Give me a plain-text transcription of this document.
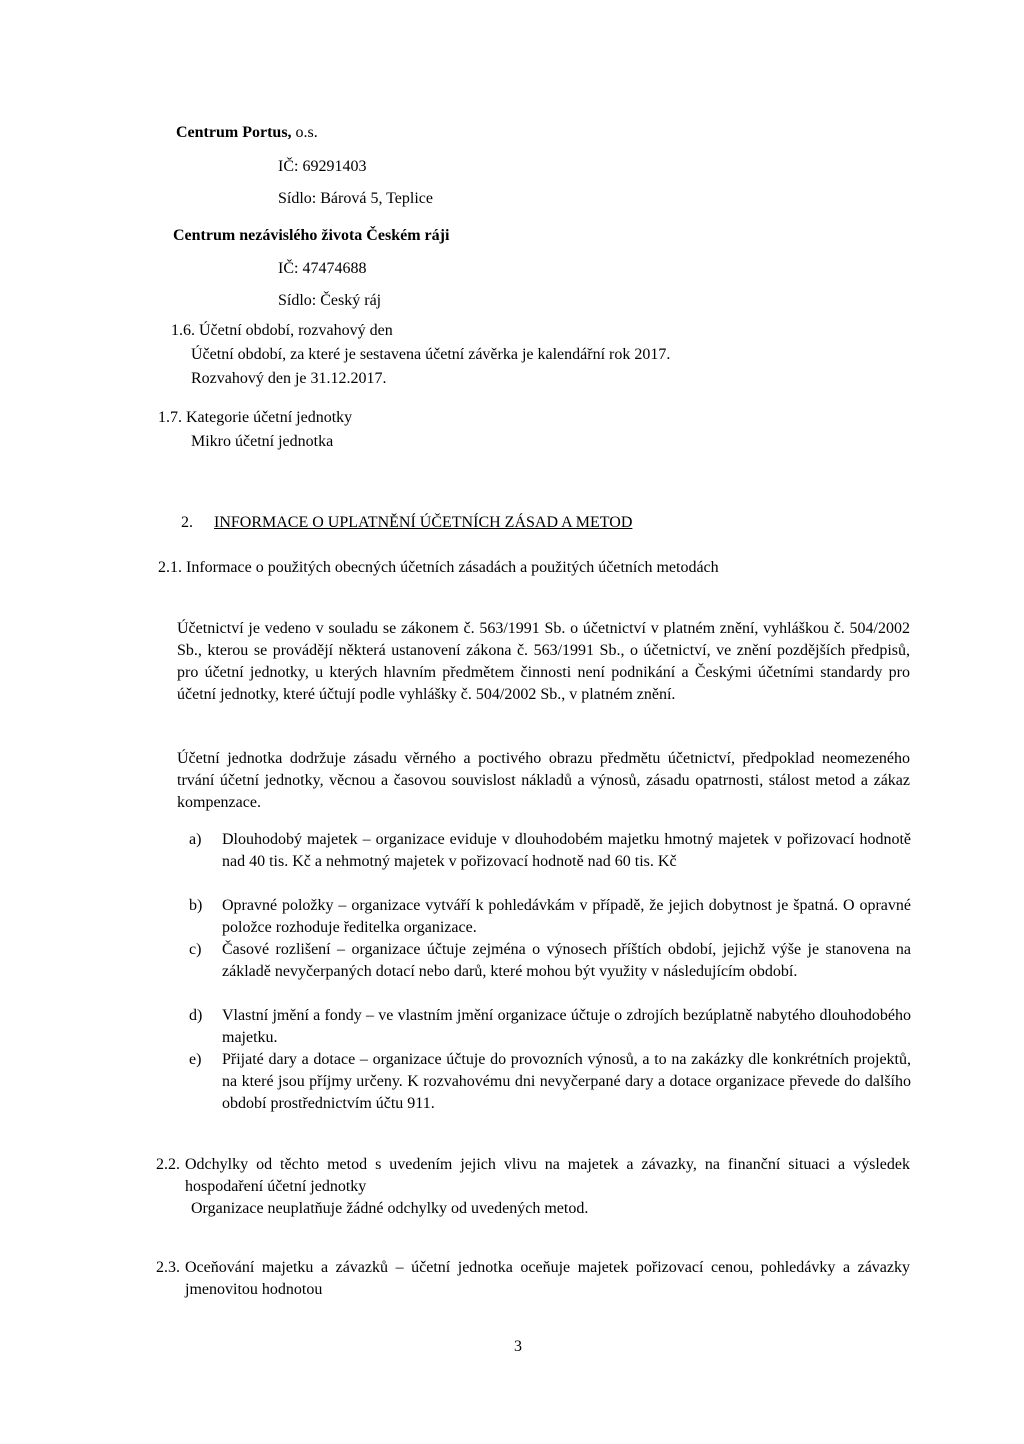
Centrum Portus, o.s.
IČ: 69291403
Sídlo: Bárová 5, Teplice
Centrum nezávislého života Českém ráji
IČ: 47474688
Sídlo: Český ráj
1.6. Účetní období, rozvahový den
Účetní období, za které je sestavena účetní závěrka je kalendářní rok 2017.
Rozvahový den je 31.12.2017.
1.7. Kategorie účetní jednotky
Mikro účetní jednotka
2. INFORMACE O UPLATNĚNÍ ÚČETNÍCH ZÁSAD A METOD
2.1. Informace o použitých obecných účetních zásadách a použitých účetních metodách
Účetnictví je vedeno v souladu se zákonem č. 563/1991 Sb. o účetnictví v platném znění, vyhláškou č. 504/2002 Sb., kterou se provádějí některá ustanovení zákona č. 563/1991 Sb., o účetnictví, ve znění pozdějších předpisů, pro účetní jednotky, u kterých hlavním předmětem činnosti není podnikání a Českými účetními standardy pro účetní jednotky, které účtují podle vyhlášky č. 504/2002 Sb., v platném znění.
Účetní jednotka dodržuje zásadu věrného a poctivého obrazu předmětu účetnictví, předpoklad neomezeného trvání účetní jednotky, věcnou a časovou souvislost nákladů a výnosů, zásadu opatrnosti, stálost metod a zákaz kompenzace.
a) Dlouhodobý majetek – organizace eviduje v dlouhodobém majetku hmotný majetek v pořizovací hodnotě nad 40 tis. Kč a nehmotný majetek v pořizovací hodnotě nad 60 tis. Kč
b) Opravné položky – organizace vytváří k pohledávkám v případě, že jejich dobytnost je špatná. O opravné položce rozhoduje ředitelka organizace.
c) Časové rozlišení – organizace účtuje zejména o výnosech příštích období, jejichž výše je stanovena na základě nevyčerpaných dotací nebo darů, které mohou být využity v následujícím období.
d) Vlastní jmění a fondy – ve vlastním jmění organizace účtuje o zdrojích bezúplatně nabytého dlouhodobého majetku.
e) Přijaté dary a dotace – organizace účtuje do provozních výnosů, a to na zakázky dle konkrétních projektů, na které jsou příjmy určeny. K rozvahovému dni nevyčerpané dary a dotace organizace převede do dalšího období prostřednictvím účtu 911.
2.2. Odchylky od těchto metod s uvedením jejich vlivu na majetek a závazky, na finanční situaci a výsledek hospodaření účetní jednotky
Organizace neuplatňuje žádné odchylky od uvedených metod.
2.3. Oceňování majetku a závazků – účetní jednotka oceňuje majetek pořizovací cenou, pohledávky a závazky jmenovitou hodnotou
3
